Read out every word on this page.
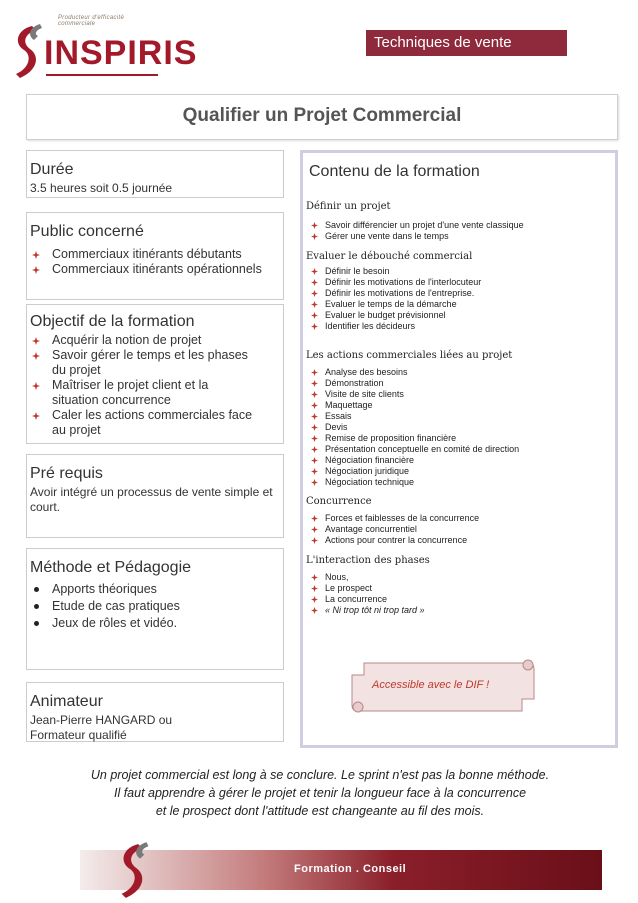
Producteur d'efficacité commerciale
INSPIRIS	Techniques de vente
Qualifier un Projet Commercial
Durée

3.5 heures soit 0.5 journée

Public concerné
Commerciaux itinérants débutants
Commerciaux itinérants opérationnels
Objectif de la formation
Acquérir la notion de projet
Savoir gérer le temps et les phases du projet
Maîtriser le projet client et la situation concurrence
Caler les actions commerciales face au projet
Pré requis

Avoir intégré un processus de vente simple et court.

Méthode et Pédagogie
Apports théoriques
Etude de cas pratiques
Jeux de rôles et vidéo.
Animateur

Jean-Pierre HANGARD ou

Formateur qualifié

Contenu de la formation
Définir un projet
Savoir différencier un projet d'une vente classique
Gérer une vente dans le temps
Evaluer le débouché commercial
Définir le besoin
Définir les motivations de l'interlocuteur
Définir les motivations de l'entreprise.
Evaluer le temps de la démarche
Evaluer le budget prévisionnel
Identifier les décideurs
Les actions commerciales liées au projet
Analyse des besoins
Démonstration
Visite de site clients
Maquettage
Essais
Devis
Remise de proposition financière
Présentation conceptuelle en comité de direction
Négociation financière
Négociation juridique
Négociation technique
Concurrence
Forces et faiblesses de la concurrence
Avantage concurrentiel
Actions pour contrer la concurrence
L'interaction des phases
Nous,
Le prospect
La concurrence
« Ni trop tôt ni trop tard »
Accessible avec le DIF !
Un projet commercial est long à se conclure. Le sprint n'est pas la bonne méthode.
Il faut apprendre à gérer le projet et tenir la longueur face à la concurrence
et le prospect dont l'attitude est changeante au fil des mois.
Formation . Conseil
